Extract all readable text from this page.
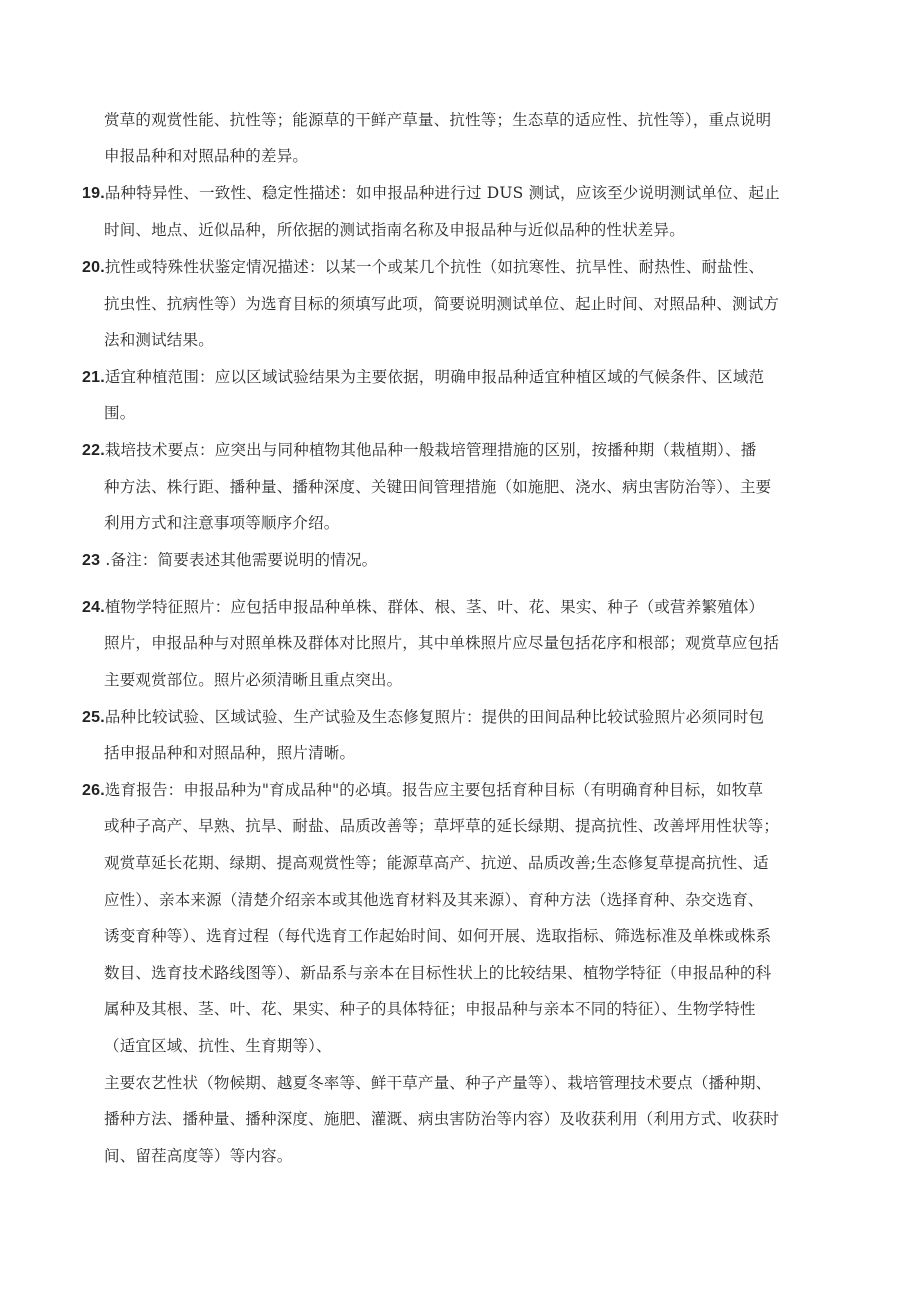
赏草的观赏性能、抗性等；能源草的干鲜产草量、抗性等；生态草的适应性、抗性等），重点说明
申报品种和对照品种的差异。
19.品种特异性、一致性、稳定性描述：如申报品种进行过 DUS 测试，应该至少说明测试单位、起止
时间、地点、近似品种，所依据的测试指南名称及申报品种与近似品种的性状差异。
20.抗性或特殊性状鉴定情况描述：以某一个或某几个抗性（如抗寒性、抗旱性、耐热性、耐盐性、
抗虫性、抗病性等）为选育目标的须填写此项，简要说明测试单位、起止时间、对照品种、测试方
法和测试结果。
21.适宜种植范围：应以区域试验结果为主要依据，明确申报品种适宜种植区域的气候条件、区域范
围。
22.栽培技术要点：应突出与同种植物其他品种一般栽培管理措施的区别，按播种期（栽植期）、播
种方法、株行距、播种量、播种深度、关键田间管理措施（如施肥、浇水、病虫害防治等）、主要
利用方式和注意事项等顺序介绍。
23 .备注：简要表述其他需要说明的情况。
24.植物学特征照片：应包括申报品种单株、群体、根、茎、叶、花、果实、种子（或营养繁殖体）
照片，申报品种与对照单株及群体对比照片，其中单株照片应尽量包括花序和根部；观赏草应包括
主要观赏部位。照片必须清晰且重点突出。
25.品种比较试验、区域试验、生产试验及生态修复照片：提供的田间品种比较试验照片必须同时包
括申报品种和对照品种，照片清晰。
26.选育报告：申报品种为"育成品种"的必填。报告应主要包括育种目标（有明确育种目标，如牧草
或种子高产、早熟、抗旱、耐盐、品质改善等；草坪草的延长绿期、提高抗性、改善坪用性状等；
观赏草延长花期、绿期、提高观赏性等；能源草高产、抗逆、品质改善;生态修复草提高抗性、适
应性）、亲本来源（清楚介绍亲本或其他选育材料及其来源）、育种方法（选择育种、杂交选育、
诱变育种等）、选育过程（每代选育工作起始时间、如何开展、选取指标、筛选标准及单株或株系
数目、选育技术路线图等）、新品系与亲本在目标性状上的比较结果、植物学特征（申报品种的科
属种及其根、茎、叶、花、果实、种子的具体特征；申报品种与亲本不同的特征）、生物学特性
（适宜区域、抗性、生育期等）、
主要农艺性状（物候期、越夏冬率等、鲜干草产量、种子产量等）、栽培管理技术要点（播种期、
播种方法、播种量、播种深度、施肥、灌溉、病虫害防治等内容）及收获利用（利用方式、收获时
间、留茬高度等）等内容。
